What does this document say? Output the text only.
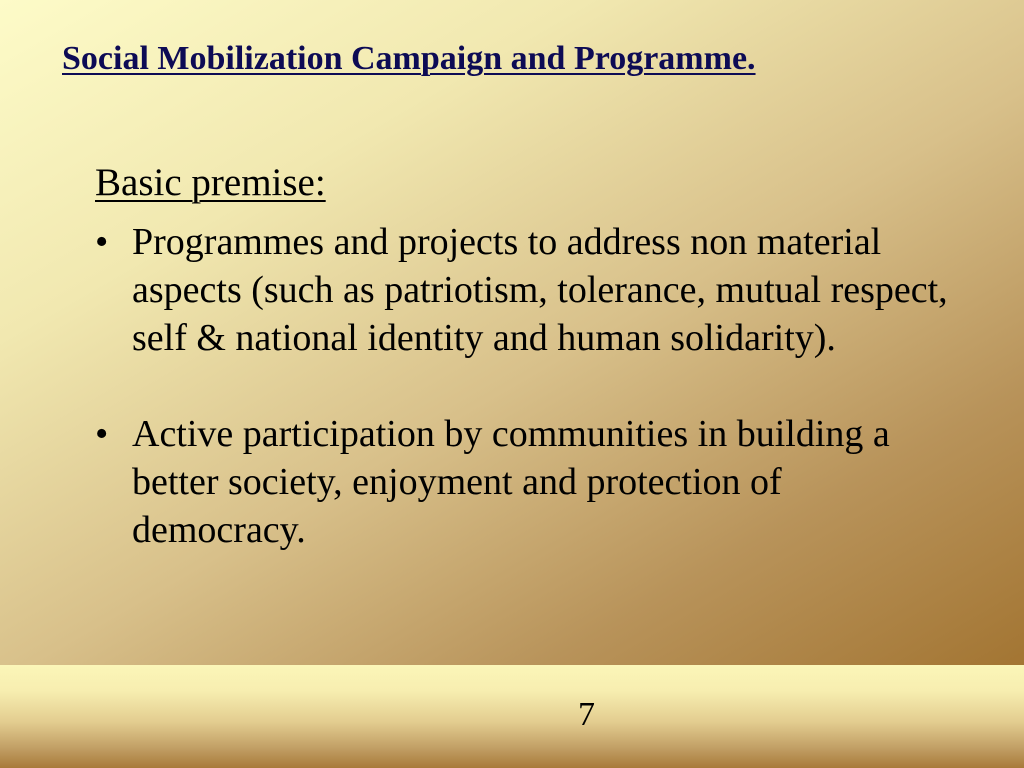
Social Mobilization Campaign and Programme.
Basic premise:
• Programmes and projects to address non material aspects (such as patriotism, tolerance, mutual respect, self & national identity and human solidarity).
• Active participation by communities in building a better society, enjoyment and protection of democracy.
7
